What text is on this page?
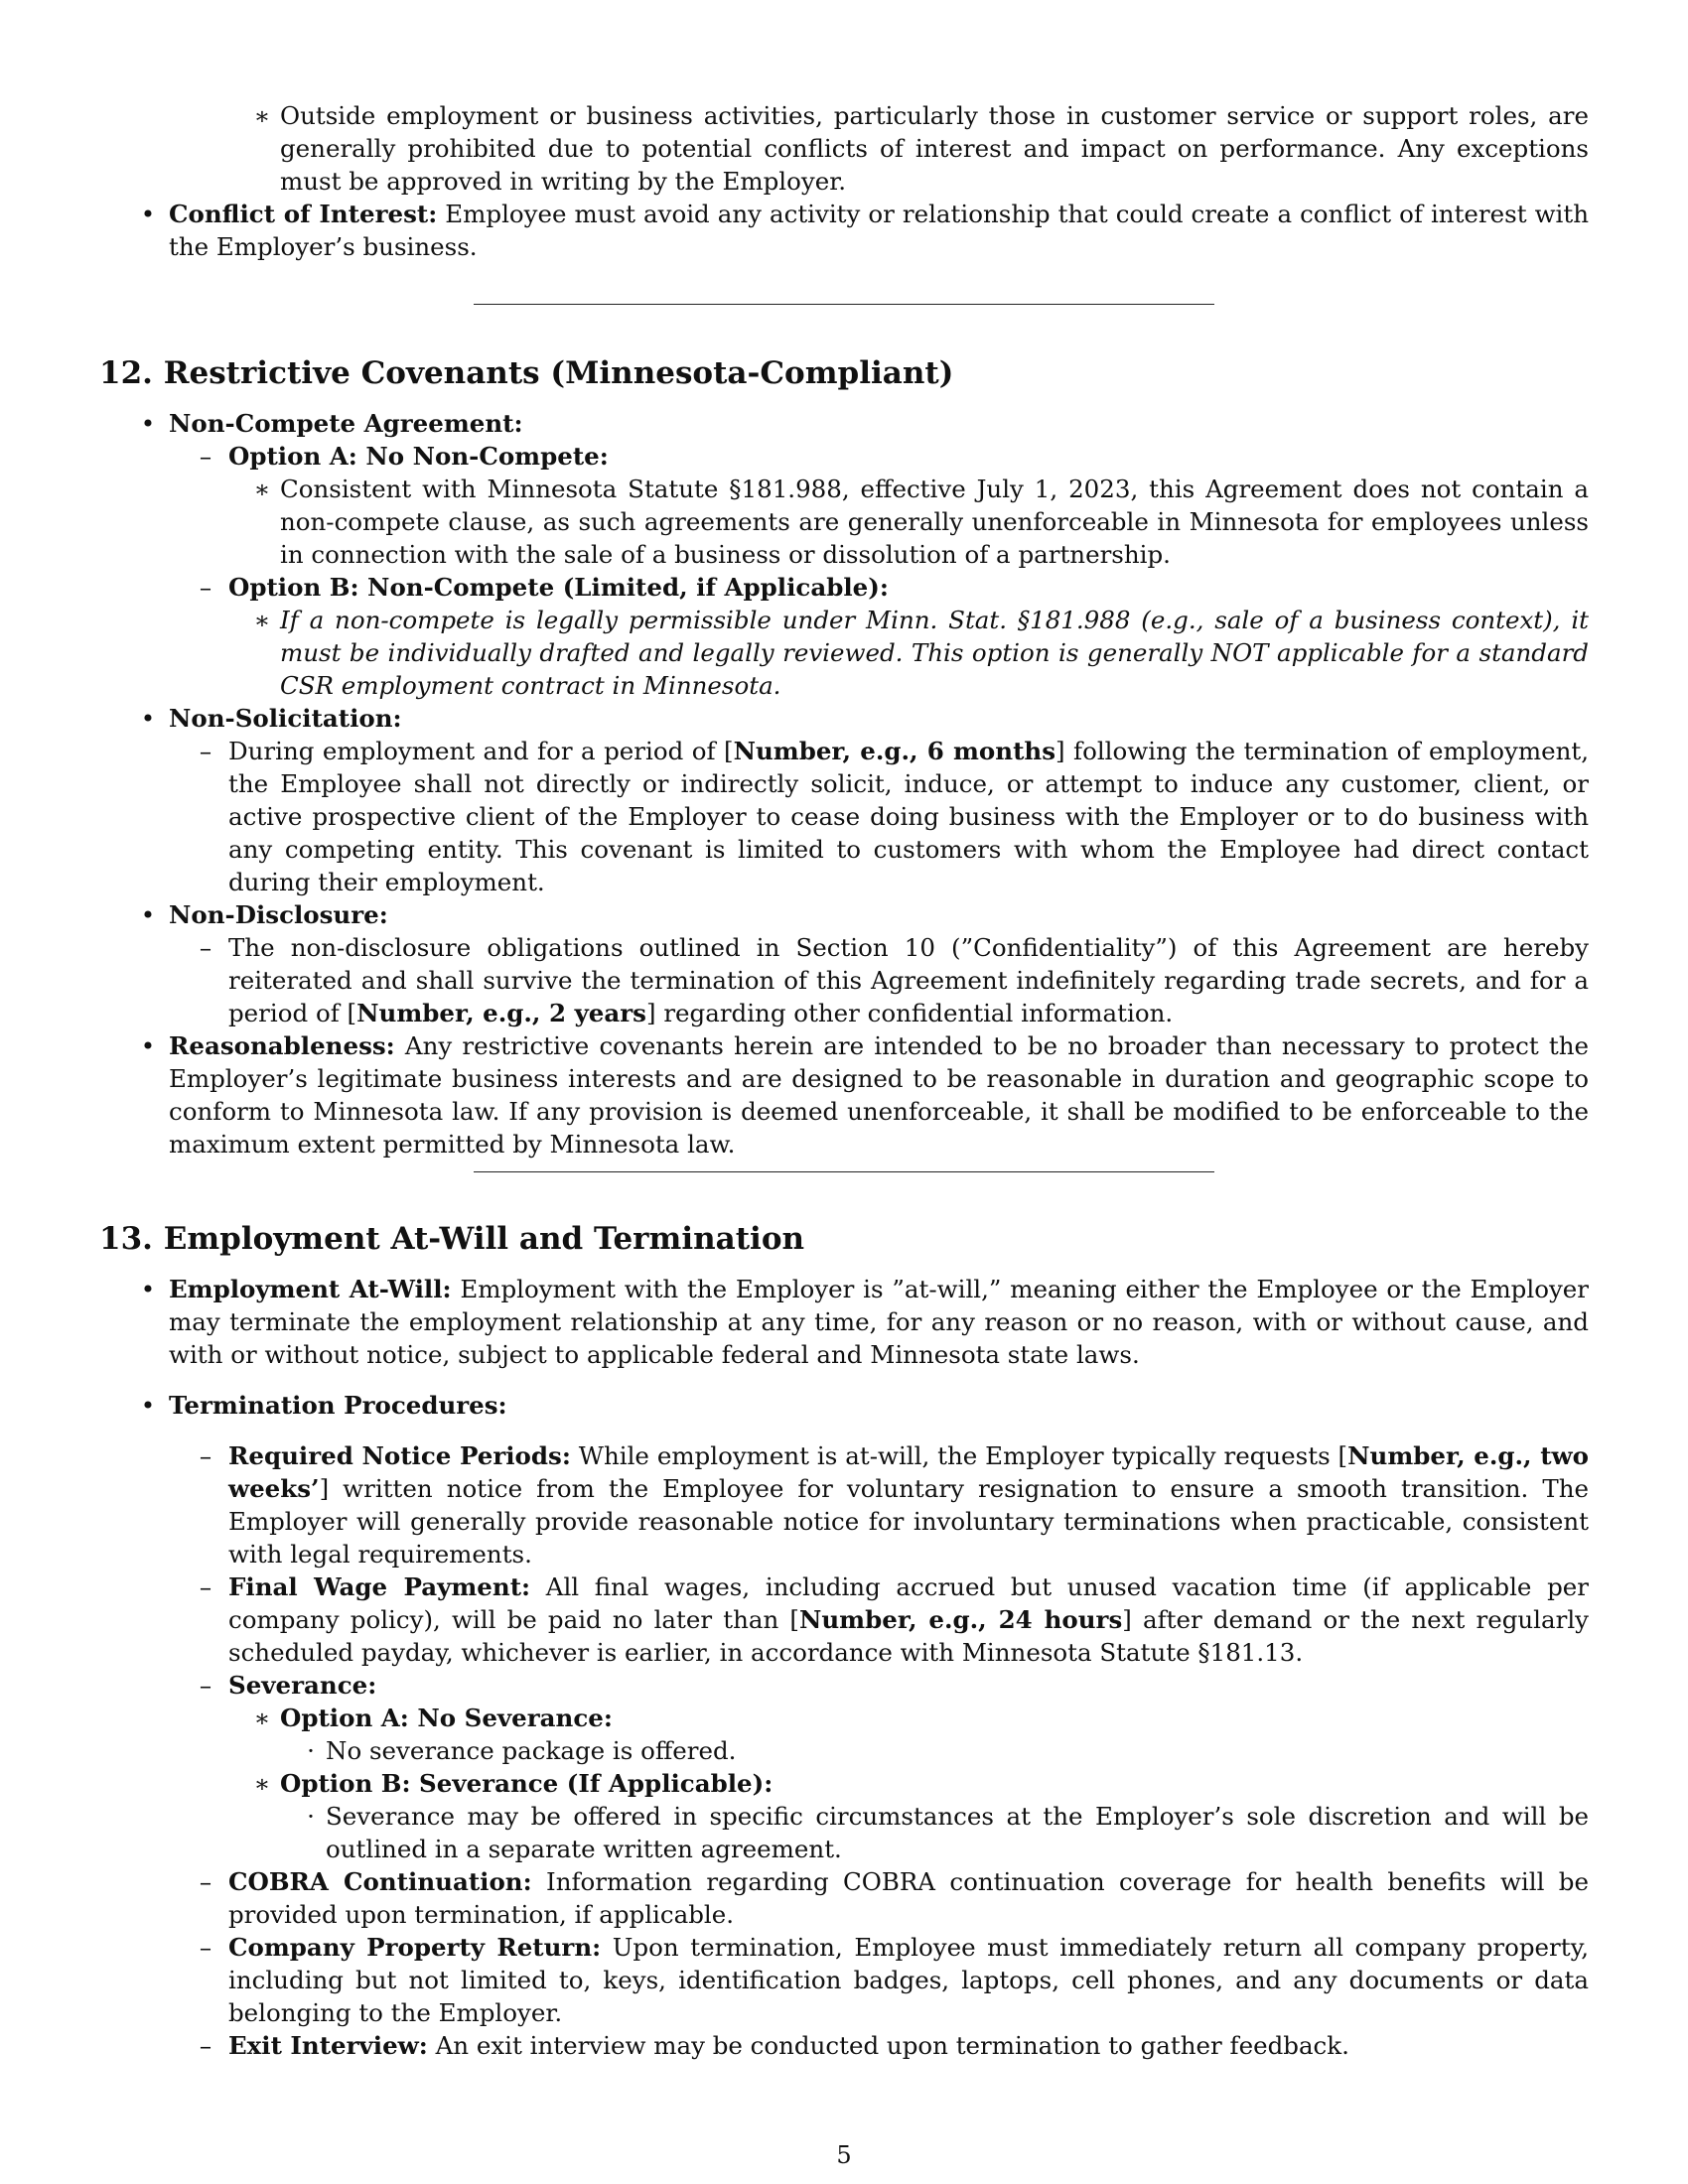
∗ Outside employment or business activities, particularly those in customer service or support roles, are generally prohibited due to potential conflicts of interest and impact on performance. Any exceptions must be approved in writing by the Employer.
• Conflict of Interest: Employee must avoid any activity or relationship that could create a conflict of interest with the Employer’s business.
12. Restrictive Covenants (Minnesota-Compliant)
• Non-Compete Agreement:
– Option A: No Non-Compete:
∗ Consistent with Minnesota Statute §181.988, effective July 1, 2023, this Agreement does not contain a non-compete clause, as such agreements are generally unenforceable in Minnesota for employees unless in connection with the sale of a business or dissolution of a partnership.
– Option B: Non-Compete (Limited, if Applicable):
∗ If a non-compete is legally permissible under Minn. Stat. §181.988 (e.g., sale of a business context), it must be individually drafted and legally reviewed. This option is generally NOT applicable for a standard CSR employment contract in Minnesota.
• Non-Solicitation:
– During employment and for a period of [Number, e.g., 6 months] following the termination of employment, the Employee shall not directly or indirectly solicit, induce, or attempt to induce any customer, client, or active prospective client of the Employer to cease doing business with the Employer or to do business with any competing entity. This covenant is limited to customers with whom the Employee had direct contact during their employment.
• Non-Disclosure:
– The non-disclosure obligations outlined in Section 10 (”Confidentiality”) of this Agreement are hereby reiterated and shall survive the termination of this Agreement indefinitely regarding trade secrets, and for a period of [Number, e.g., 2 years] regarding other confidential information.
• Reasonableness: Any restrictive covenants herein are intended to be no broader than necessary to protect the Employer’s legitimate business interests and are designed to be reasonable in duration and geographic scope to conform to Minnesota law. If any provision is deemed unenforceable, it shall be modified to be enforceable to the maximum extent permitted by Minnesota law.
13. Employment At-Will and Termination
• Employment At-Will: Employment with the Employer is ”at-will,” meaning either the Employee or the Employer may terminate the employment relationship at any time, for any reason or no reason, with or without cause, and with or without notice, subject to applicable federal and Minnesota state laws.
• Termination Procedures:
– Required Notice Periods: While employment is at-will, the Employer typically requests [Number, e.g., two weeks’] written notice from the Employee for voluntary resignation to ensure a smooth transition. The Employer will generally provide reasonable notice for involuntary terminations when practicable, consistent with legal requirements.
– Final Wage Payment: All final wages, including accrued but unused vacation time (if applicable per company policy), will be paid no later than [Number, e.g., 24 hours] after demand or the next regularly scheduled payday, whichever is earlier, in accordance with Minnesota Statute §181.13.
– Severance:
∗ Option A: No Severance:
· No severance package is offered.
∗ Option B: Severance (If Applicable):
· Severance may be offered in specific circumstances at the Employer’s sole discretion and will be outlined in a separate written agreement.
– COBRA Continuation: Information regarding COBRA continuation coverage for health benefits will be provided upon termination, if applicable.
– Company Property Return: Upon termination, Employee must immediately return all company property, including but not limited to, keys, identification badges, laptops, cell phones, and any documents or data belonging to the Employer.
– Exit Interview: An exit interview may be conducted upon termination to gather feedback.
5
